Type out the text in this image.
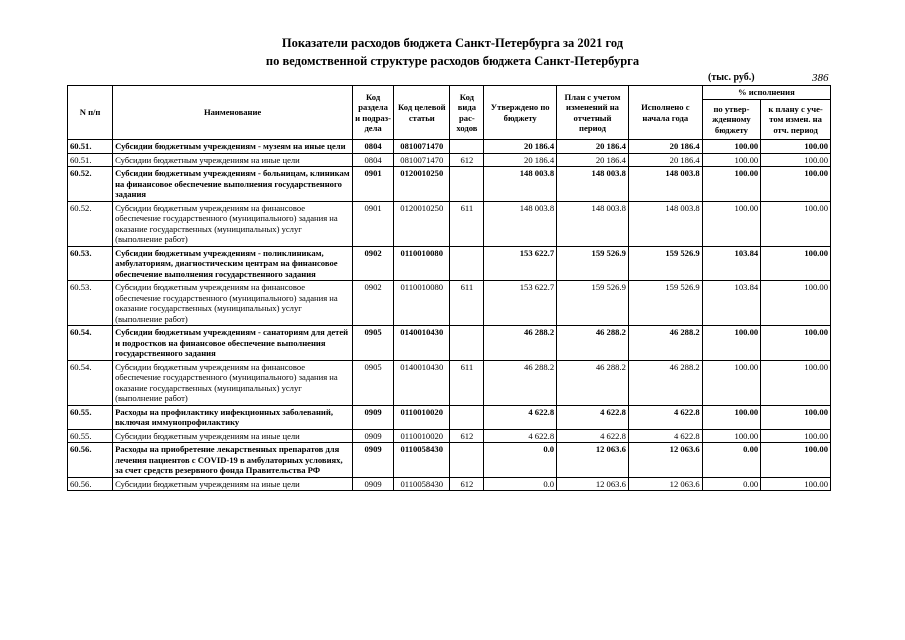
Показатели расходов бюджета Санкт-Петербурга за 2021 год
по ведомственной структуре расходов бюджета Санкт-Петербурга
(тыс. руб.)	386
N п/п	Наименование	Код раздела и подраз-дела	Код целевой статьи	Код вида рас-ходов	Утверждено по бюджету	План с учетом изменений на отчетный период	Исполнено с начала года	% исполнения	
								по утвер-жденному бюджету	к плану с уче-том измен. на отч. период
60.51.	Субсидии бюджетным учреждениям - музеям на иные цели	0804	0810071470		20 186.4	20 186.4	20 186.4	100.00	100.00
60.51.	Субсидии бюджетным учреждениям на иные цели	0804	0810071470	612	20 186.4	20 186.4	20 186.4	100.00	100.00
60.52.	Субсидии бюджетным учреждениям - больницам, клиникам на финансовое обеспечение выполнения государственного задания	0901	0120010250		148 003.8	148 003.8	148 003.8	100.00	100.00
60.52.	Субсидии бюджетным учреждениям на финансовое обеспечение государственного (муниципального) задания на оказание государственных (муниципальных) услуг (выполнение работ)	0901	0120010250	611	148 003.8	148 003.8	148 003.8	100.00	100.00
60.53.	Субсидии бюджетным учреждениям - поликлиникам, амбулаториям, диагностическим центрам на финансовое обеспечение выполнения государственного задания	0902	0110010080		153 622.7	159 526.9	159 526.9	103.84	100.00
60.53.	Субсидии бюджетным учреждениям на финансовое обеспечение государственного (муниципального) задания на оказание государственных (муниципальных) услуг (выполнение работ)	0902	0110010080	611	153 622.7	159 526.9	159 526.9	103.84	100.00
60.54.	Субсидии бюджетным учреждениям - санаториям для детей и подростков на финансовое обеспечение выполнения государственного задания	0905	0140010430		46 288.2	46 288.2	46 288.2	100.00	100.00
60.54.	Субсидии бюджетным учреждениям на финансовое обеспечение государственного (муниципального) задания на оказание государственных (муниципальных) услуг (выполнение работ)	0905	0140010430	611	46 288.2	46 288.2	46 288.2	100.00	100.00
60.55.	Расходы на профилактику инфекционных заболеваний, включая иммунопрофилактику	0909	0110010020		4 622.8	4 622.8	4 622.8	100.00	100.00
60.55.	Субсидии бюджетным учреждениям на иные цели	0909	0110010020	612	4 622.8	4 622.8	4 622.8	100.00	100.00
60.56.	Расходы на приобретение лекарственных препаратов для лечения пациентов с COVID-19 в амбулаторных условиях, за счет средств резервного фонда Правительства РФ	0909	0110058430		0.0	12 063.6	12 063.6	0.00	100.00
60.56.	Субсидии бюджетным учреждениям на иные цели	0909	0110058430	612	0.0	12 063.6	12 063.6	0.00	100.00
